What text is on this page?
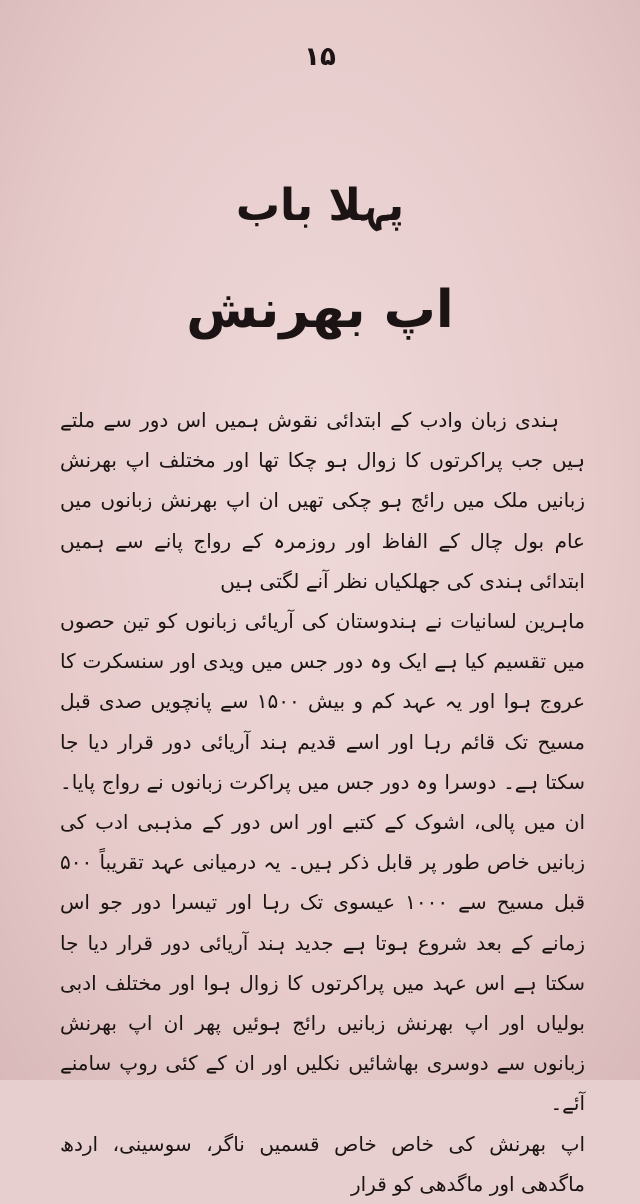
۱۵
پہلا باب
اپ بھرنش

ہندی زبان وادب کے ابتدائی نقوش ہمیں اس دور سے ملتے ہیں جب پراکرتوں کا زوال ہو چکا تھا اور مختلف اپ بھرنش زبانیں ملک میں رائج ہو چکی تھیں ان اپ بھرنش زبانوں میں عام بول چال کے الفاظ اور روزمرہ کے رواج پانے سے ہمیں ابتدائی ہندی کی جھلکیاں نظر آنے لگتی ہیں

ماہرین لسانیات نے ہندوستان کی آریائی زبانوں کو تین حصوں میں تقسیم کیا ہے ایک وہ دور جس میں ویدی اور سنسکرت کا عروج ہوا اور یہ عہد کم و بیش ۱۵۰۰ سے پانچویں صدی قبل مسیح تک قائم رہا اور اسے قدیم ہند آریائی دور قرار دیا جا سکتا ہے۔ دوسرا وہ دور جس میں پراکرت زبانوں نے رواج پایا۔ ان میں پالی، اشوک کے کتبے اور اس دور کے مذہبی ادب کی زبانیں خاص طور پر قابل ذکر ہیں۔ یہ درمیانی عہد تقریباً ۵۰۰ قبل مسیح سے ۱۰۰۰ عیسوی تک رہا اور تیسرا دور جو اس زمانے کے بعد شروع ہوتا ہے جدید ہند آریائی دور قرار دیا جا سکتا ہے اس عہد میں پراکرتوں کا زوال ہوا اور مختلف ادبی بولیاں اور اپ بھرنش زبانیں رائج ہوئیں پھر ان اپ بھرنش زبانوں سے دوسری بھاشائیں نکلیں اور ان کے کئی روپ سامنے آئے۔

اپ بھرنش کی خاص خاص قسمیں ناگر، سوسینی، اردھ ماگدھی اور ماگدھی کو قرار
